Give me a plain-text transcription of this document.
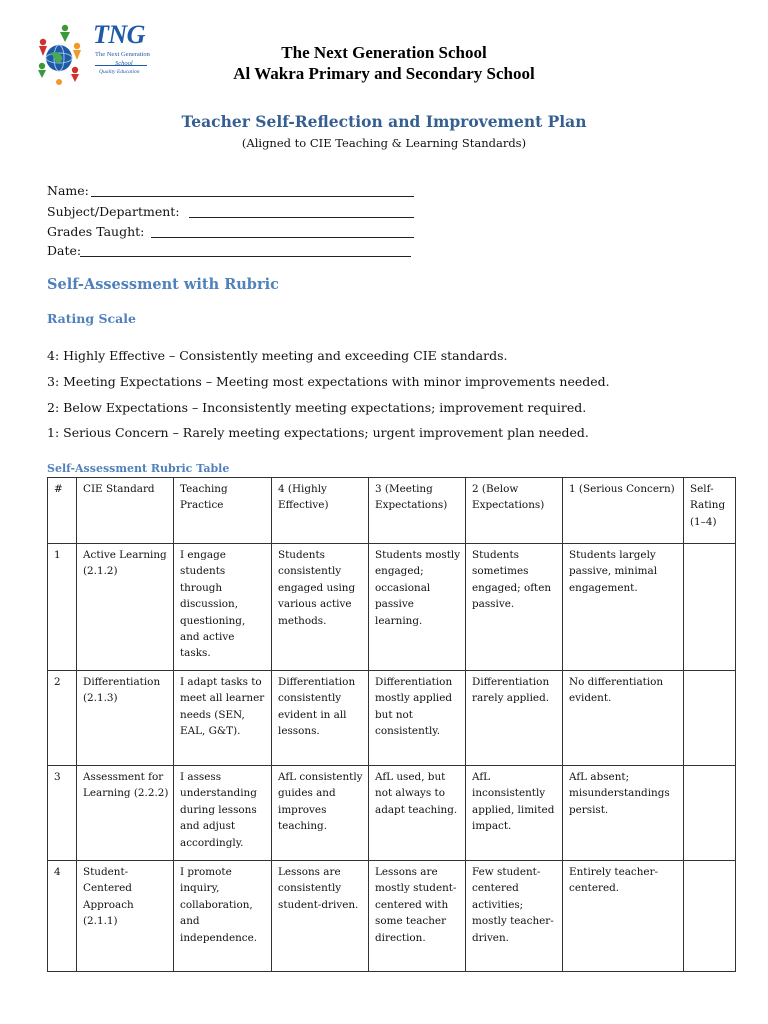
TNG
The Next Generation
School
Quality Education
The Next Generation School
Al Wakra Primary and Secondary School
Teacher Self-Reflection and Improvement Plan
(Aligned to CIE Teaching & Learning Standards)
Name:
Subject/Department:
Grades Taught:
Date:
Self-Assessment with Rubric
Rating Scale
4: Highly Effective – Consistently meeting and exceeding CIE standards.
3: Meeting Expectations – Meeting most expectations with minor improvements needed.
2: Below Expectations – Inconsistently meeting expectations; improvement required.
1: Serious Concern – Rarely meeting expectations; urgent improvement plan needed.
Self-Assessment Rubric Table
#	CIE Standard	Teaching Practice	4 (Highly Effective)	3 (Meeting Expectations)	2 (Below Expectations)	1 (Serious Concern)	Self-Rating (1–4)
1	Active Learning (2.1.2)	I engage students through discussion, questioning, and active tasks.	Students consistently engaged using various active methods.	Students mostly engaged; occasional passive learning.	Students sometimes engaged; often passive.	Students largely passive, minimal engagement.	
2	Differentiation (2.1.3)	I adapt tasks to meet all learner needs (SEN, EAL, G&T).	Differentiation consistently evident in all lessons.	Differentiation mostly applied but not consistently.	Differentiation rarely applied.	No differentiation evident.	
3	Assessment for Learning (2.2.2)	I assess understanding during lessons and adjust accordingly.	AfL consistently guides and improves teaching.	AfL used, but not always to adapt teaching.	AfL inconsistently applied, limited impact.	AfL absent; misunderstandings persist.	
4	Student-Centered Approach (2.1.1)	I promote inquiry, collaboration, and independence.	Lessons are consistently student-driven.	Lessons are mostly student-centered with some teacher direction.	Few student-centered activities; mostly teacher-driven.	Entirely teacher-centered.	
